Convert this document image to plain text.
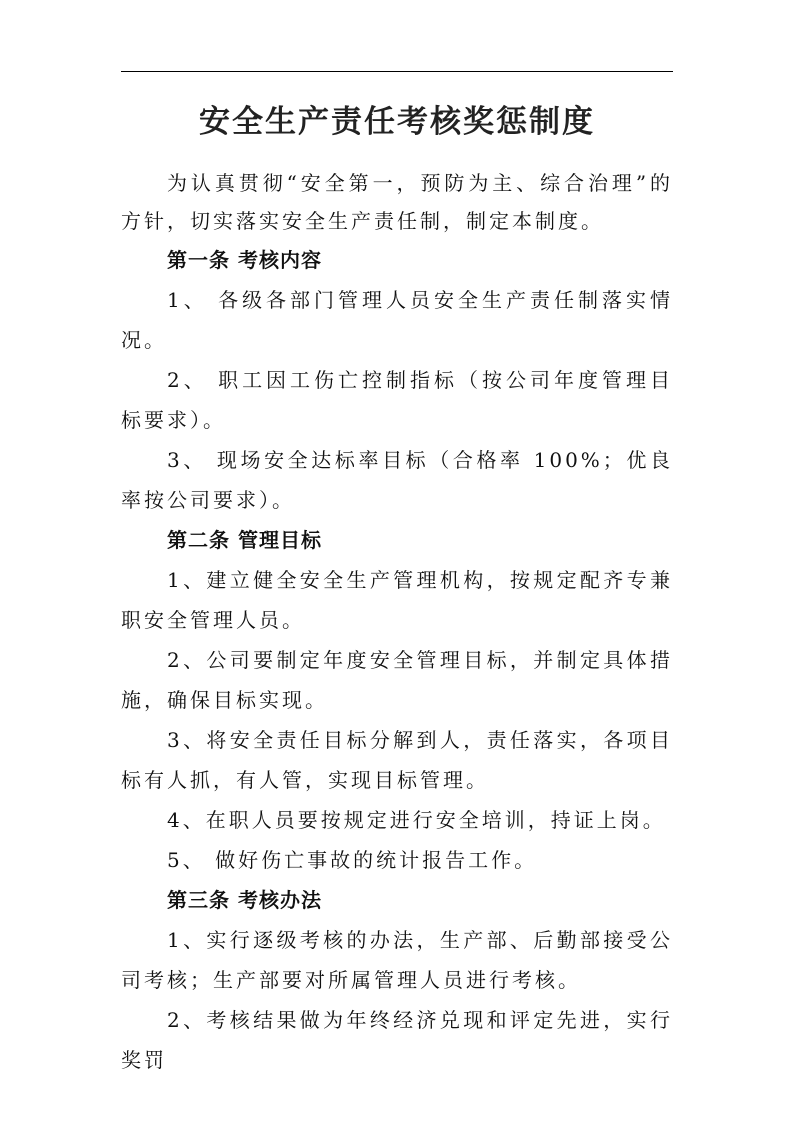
安全生产责任考核奖惩制度

为认真贯彻“安全第一，预防为主、综合治理”的方针，切实落实安全生产责任制，制定本制度。

第一条 考核内容

1、 各级各部门管理人员安全生产责任制落实情况。

2、 职工因工伤亡控制指标（按公司年度管理目标要求）。

3、 现场安全达标率目标（合格率 100%；优良率按公司要求）。

第二条 管理目标

1、建立健全安全生产管理机构，按规定配齐专兼职安全管理人员。

2、公司要制定年度安全管理目标，并制定具体措施，确保目标实现。

3、将安全责任目标分解到人，责任落实，各项目标有人抓，有人管，实现目标管理。

4、在职人员要按规定进行安全培训，持证上岗。

5、 做好伤亡事故的统计报告工作。

第三条 考核办法

1、实行逐级考核的办法，生产部、后勤部接受公司考核；生产部要对所属管理人员进行考核。

2、考核结果做为年终经济兑现和评定先进，实行奖罚
